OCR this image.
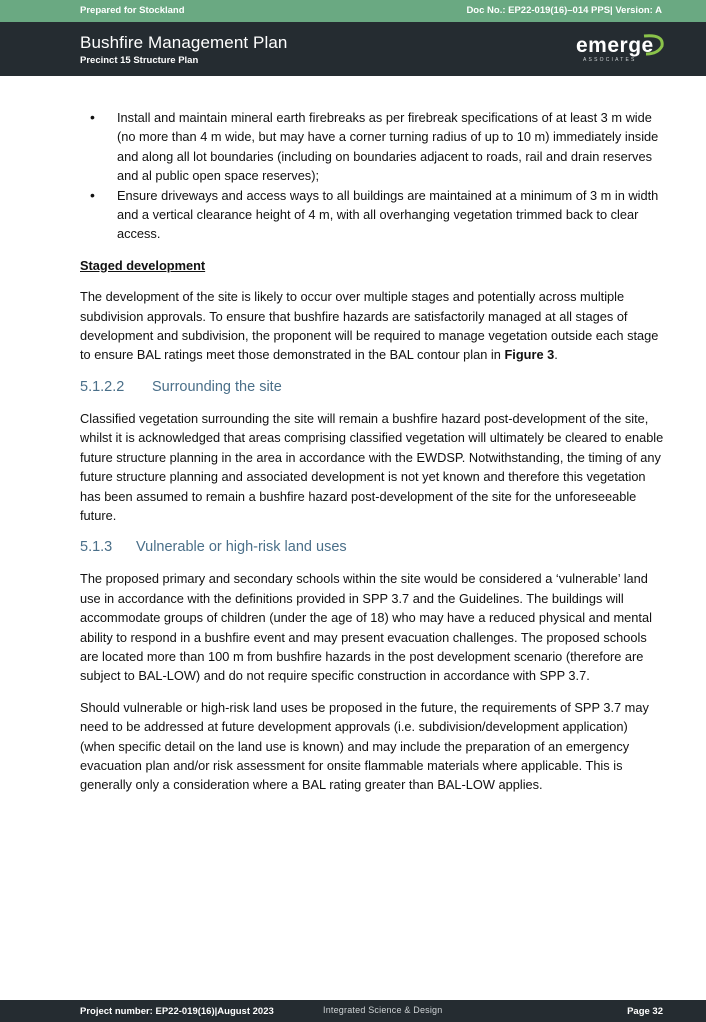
Prepared for Stockland	Doc No.: EP22-019(16)–014 PPS| Version: A
Bushfire Management Plan
Precinct 15 Structure Plan
emerge
ASSOCIATES
• Install and maintain mineral earth firebreaks as per firebreak specifications of at least 3 m wide (no more than 4 m wide, but may have a corner turning radius of up to 10 m) immediately inside and along all lot boundaries (including on boundaries adjacent to roads, rail and drain reserves and al public open space reserves);
• Ensure driveways and access ways to all buildings are maintained at a minimum of 3 m in width and a vertical clearance height of 4 m, with all overhanging vegetation trimmed back to clear access.
Staged development

The development of the site is likely to occur over multiple stages and potentially across multiple subdivision approvals. To ensure that bushfire hazards are satisfactorily managed at all stages of development and subdivision, the proponent will be required to manage vegetation outside each stage to ensure BAL ratings meet those demonstrated in the BAL contour plan in Figure 3.

5.1.2.2 Surrounding the site

Classified vegetation surrounding the site will remain a bushfire hazard post-development of the site, whilst it is acknowledged that areas comprising classified vegetation will ultimately be cleared to enable future structure planning in the area in accordance with the EWDSP. Notwithstanding, the timing of any future structure planning and associated development is not yet known and therefore this vegetation has been assumed to remain a bushfire hazard post-development of the site for the unforeseeable future.

5.1.3 Vulnerable or high-risk land uses

The proposed primary and secondary schools within the site would be considered a ‘vulnerable’ land use in accordance with the definitions provided in SPP 3.7 and the Guidelines. The buildings will accommodate groups of children (under the age of 18) who may have a reduced physical and mental ability to respond in a bushfire event and may present evacuation challenges. The proposed schools are located more than 100 m from bushfire hazards in the post development scenario (therefore are subject to BAL-LOW) and do not require specific construction in accordance with SPP 3.7.

Should vulnerable or high-risk land uses be proposed in the future, the requirements of SPP 3.7 may need to be addressed at future development approvals (i.e. subdivision/development application) (when specific detail on the land use is known) and may include the preparation of an emergency evacuation plan and/or risk assessment for onsite flammable materials where applicable. This is generally only a consideration where a BAL rating greater than BAL-LOW applies.

Project number: EP22-019(16)|August 2023	Integrated Science & Design	Page 32
